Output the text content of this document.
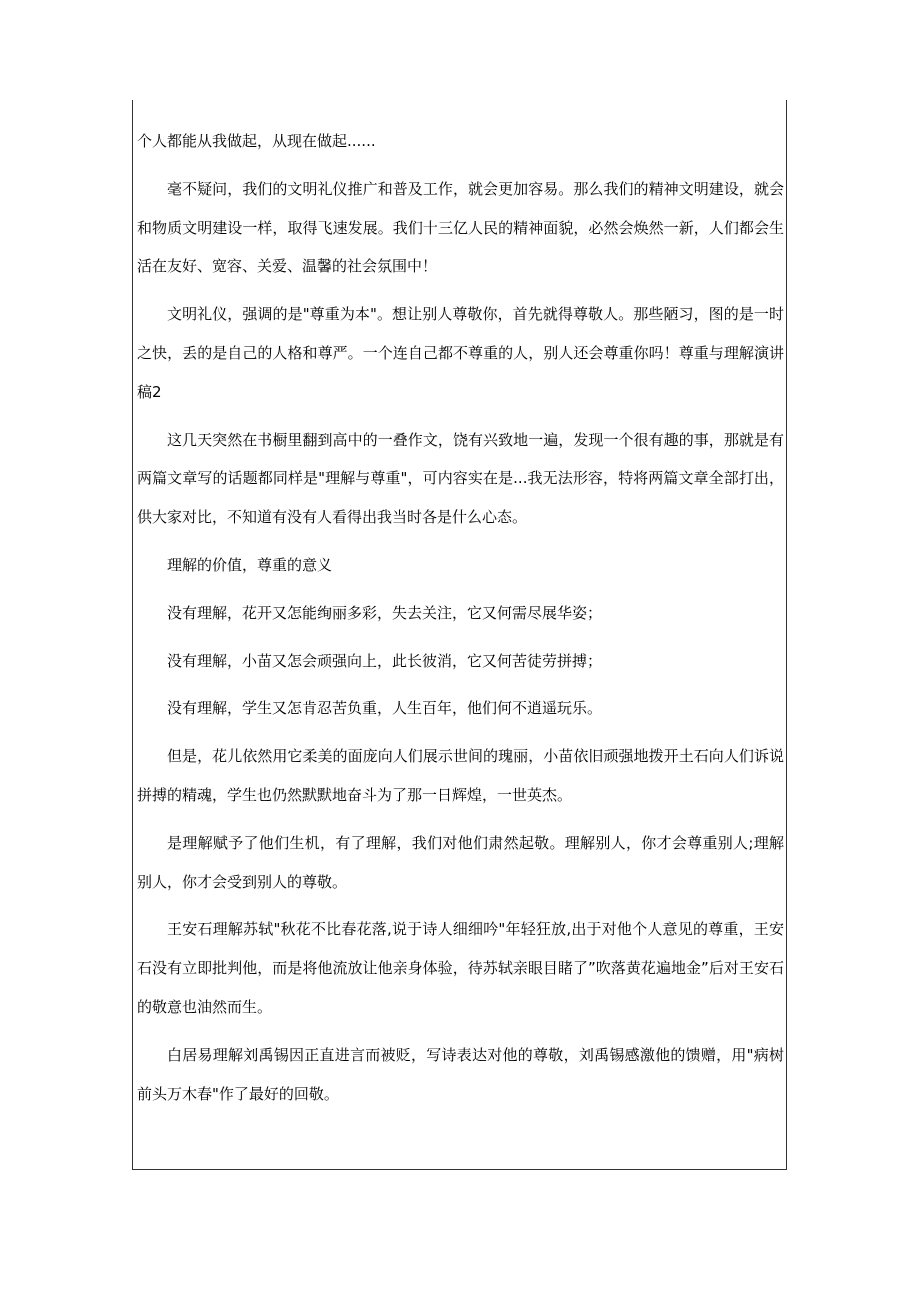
个人都能从我做起，从现在做起......

毫不疑问，我们的文明礼仪推广和普及工作，就会更加容易。那么我们的精神文明建设，就会和物质文明建设一样，取得飞速发展。我们十三亿人民的精神面貌，必然会焕然一新，人们都会生活在友好、宽容、关爱、温馨的社会氛围中！

文明礼仪，强调的是"尊重为本"。想让别人尊敬你，首先就得尊敬人。那些陋习，图的是一时之快，丢的是自己的人格和尊严。一个连自己都不尊重的人，别人还会尊重你吗！尊重与理解演讲稿2

这几天突然在书橱里翻到高中的一叠作文，饶有兴致地一遍，发现一个很有趣的事，那就是有两篇文章写的话题都同样是"理解与尊重"，可内容实在是...我无法形容，特将两篇文章全部打出，供大家对比，不知道有没有人看得出我当时各是什么心态。

理解的价值，尊重的意义

没有理解，花开又怎能绚丽多彩，失去关注，它又何需尽展华姿；

没有理解，小苗又怎会顽强向上，此长彼消，它又何苦徒劳拼搏；

没有理解，学生又怎肯忍苦负重，人生百年，他们何不逍遥玩乐。

但是，花儿依然用它柔美的面庞向人们展示世间的瑰丽，小苗依旧顽强地拨开土石向人们诉说拼搏的精魂，学生也仍然默默地奋斗为了那一日辉煌，一世英杰。

是理解赋予了他们生机，有了理解，我们对他们肃然起敬。理解别人，你才会尊重别人;理解别人，你才会受到别人的尊敬。

王安石理解苏轼"秋花不比春花落,说于诗人细细吟"年轻狂放,出于对他个人意见的尊重，王安石没有立即批判他，而是将他流放让他亲身体验，待苏轼亲眼目睹了”吹落黄花遍地金”后对王安石的敬意也油然而生。

白居易理解刘禹锡因正直进言而被贬，写诗表达对他的尊敬，刘禹锡感激他的馈赠，用"病树前头万木春"作了最好的回敬。
